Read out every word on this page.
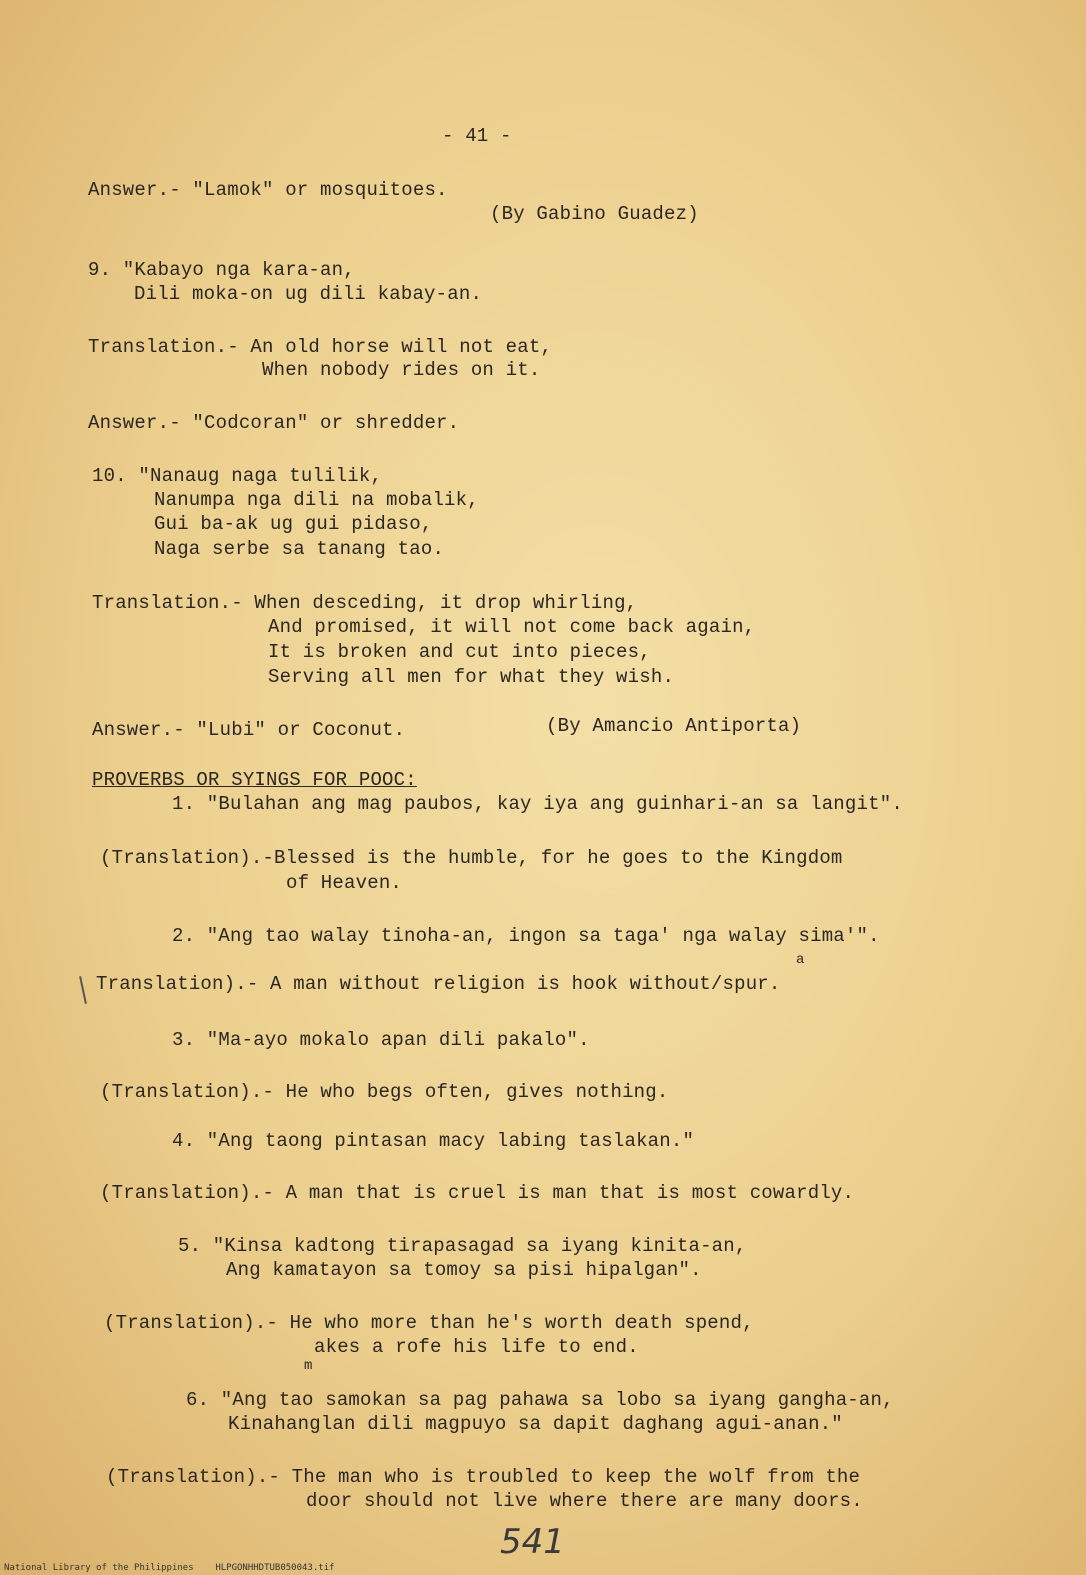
- 41 -
Answer.- "Lamok" or mosquitoes.
(By Gabino Guadez)
9. "Kabayo nga kara-an,
Dili moka-on ug dili kabay-an.
Translation.- An old horse will not eat,
When nobody rides on it.
Answer.- "Codcoran" or shredder.
10. "Nanaug naga tulilik,
Nanumpa nga dili na mobalik,
Gui ba-ak ug gui pidaso,
Naga serbe sa tanang tao.
Translation.- When desceding, it drop whirling,
And promised, it will not come back again,
It is broken and cut into pieces,
Serving all men for what they wish.
Answer.- "Lubi" or Coconut.	(By Amancio Antiporta)
PROVERBS OR SYINGS FOR POOC:
1. "Bulahan ang mag paubos, kay iya ang guinhari-an sa langit".
(Translation).-Blessed is the humble, for he goes to the Kingdom
of Heaven.
2. "Ang tao walay tinoha-an, ingon sa taga' nga walay sima'".
a
Translation).- A man without religion is hook without/spur.
3. "Ma-ayo mokalo apan dili pakalo".
(Translation).- He who begs often, gives nothing.
4. "Ang taong pintasan macy labing taslakan."
(Translation).- A man that is cruel is man that is most cowardly.
5. "Kinsa kadtong tirapasagad sa iyang kinita-an,
Ang kamatayon sa tomoy sa pisi hipalgan".
(Translation).- He who more than he's worth death spend,
akes a rofe his life to end.
m
6. "Ang tao samokan sa pag pahawa sa lobo sa iyang gangha-an,
Kinahanglan dili magpuyo sa dapit daghang agui-anan."
(Translation).- The man who is troubled to keep the wolf from the
door should not live where there are many doors.
541
National Library of the Philippines    HLPGONHHDTUB050043.tif
